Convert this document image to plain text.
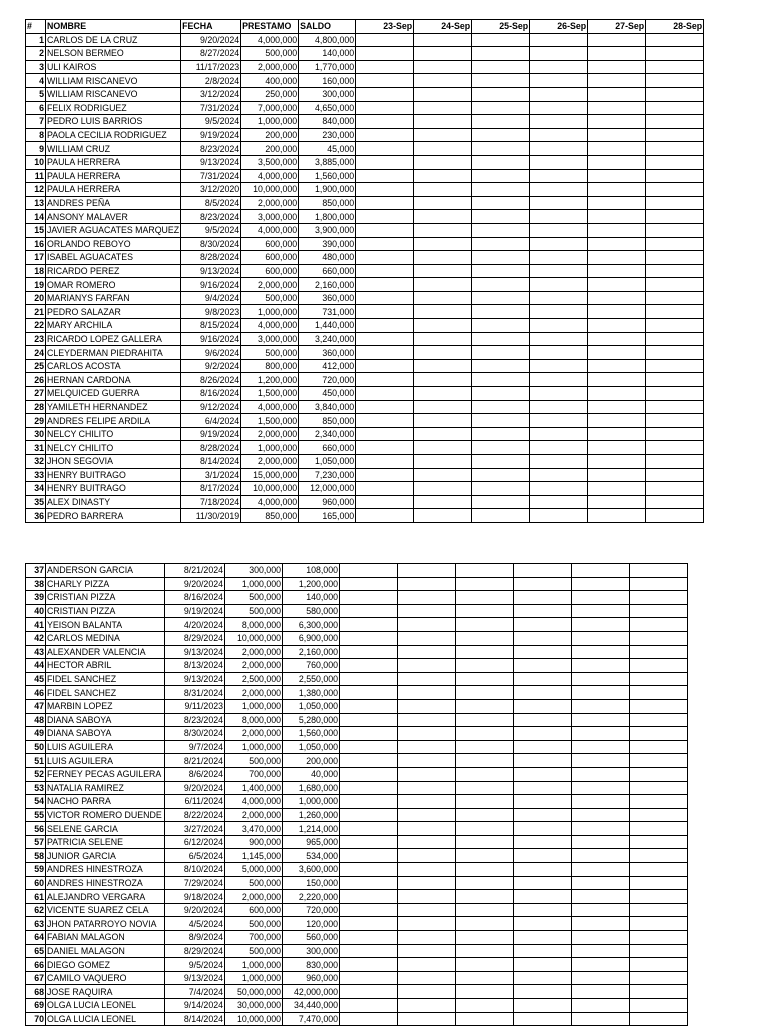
#	NOMBRE	FECHA	PRESTAMO	SALDO	23-Sep	24-Sep	25-Sep	26-Sep	27-Sep	28-Sep
1	CARLOS DE LA CRUZ	9/20/2024	4,000,000	4,800,000						
2	NELSON BERMEO	8/27/2024	500,000	140,000						
3	ULI KAIROS	11/17/2023	2,000,000	1,770,000						
4	WILLIAM RISCANEVO	2/8/2024	400,000	160,000						
5	WILLIAM RISCANEVO	3/12/2024	250,000	300,000						
6	FELIX RODRIGUEZ	7/31/2024	7,000,000	4,650,000						
7	PEDRO LUIS BARRIOS	9/5/2024	1,000,000	840,000						
8	PAOLA CECILIA RODRIGUEZ	9/19/2024	200,000	230,000						
9	WILLIAM CRUZ	8/23/2024	200,000	45,000						
10	PAULA HERRERA	9/13/2024	3,500,000	3,885,000						
11	PAULA HERRERA	7/31/2024	4,000,000	1,560,000						
12	PAULA HERRERA	3/12/2020	10,000,000	1,900,000						
13	ANDRES PEÑA	8/5/2024	2,000,000	850,000						
14	ANSONY MALAVER	8/23/2024	3,000,000	1,800,000						
15	JAVIER AGUACATES MARQUEZ	9/5/2024	4,000,000	3,900,000						
16	ORLANDO REBOYO	8/30/2024	600,000	390,000						
17	ISABEL AGUACATES	8/28/2024	600,000	480,000						
18	RICARDO PEREZ	9/13/2024	600,000	660,000						
19	OMAR ROMERO	9/16/2024	2,000,000	2,160,000						
20	MARIANYS FARFAN	9/4/2024	500,000	360,000						
21	PEDRO SALAZAR	9/8/2023	1,000,000	731,000						
22	MARY ARCHILA	8/15/2024	4,000,000	1,440,000						
23	RICARDO LOPEZ GALLERA	9/16/2024	3,000,000	3,240,000						
24	CLEYDERMAN PIEDRAHITA	9/6/2024	500,000	360,000						
25	CARLOS ACOSTA	9/2/2024	800,000	412,000						
26	HERNAN CARDONA	8/26/2024	1,200,000	720,000						
27	MELQUICED GUERRA	8/16/2024	1,500,000	450,000						
28	YAMILETH HERNANDEZ	9/12/2024	4,000,000	3,840,000						
29	ANDRES FELIPE ARDILA	6/4/2024	1,500,000	850,000						
30	NELCY CHILITO	9/19/2024	2,000,000	2,340,000						
31	NELCY CHILITO	8/28/2024	1,000,000	660,000						
32	JHON SEGOVIA	8/14/2024	2,000,000	1,050,000						
33	HENRY BUITRAGO	3/1/2024	15,000,000	7,230,000						
34	HENRY BUITRAGO	8/17/2024	10,000,000	12,000,000						
35	ALEX DINASTY	7/18/2024	4,000,000	960,000						
36	PEDRO BARRERA	11/30/2019	850,000	165,000						
37	ANDERSON GARCIA	8/21/2024	300,000	108,000						
38	CHARLY PIZZA	9/20/2024	1,000,000	1,200,000						
39	CRISTIAN PIZZA	8/16/2024	500,000	140,000						
40	CRISTIAN PIZZA	9/19/2024	500,000	580,000						
41	YEISON BALANTA	4/20/2024	8,000,000	6,300,000						
42	CARLOS MEDINA	8/29/2024	10,000,000	6,900,000						
43	ALEXANDER VALENCIA	9/13/2024	2,000,000	2,160,000						
44	HECTOR ABRIL	8/13/2024	2,000,000	760,000						
45	FIDEL SANCHEZ	9/13/2024	2,500,000	2,550,000						
46	FIDEL SANCHEZ	8/31/2024	2,000,000	1,380,000						
47	MARBIN LOPEZ	9/11/2023	1,000,000	1,050,000						
48	DIANA SABOYA	8/23/2024	8,000,000	5,280,000						
49	DIANA SABOYA	8/30/2024	2,000,000	1,560,000						
50	LUIS AGUILERA	9/7/2024	1,000,000	1,050,000						
51	LUIS AGUILERA	8/21/2024	500,000	200,000						
52	FERNEY PECAS AGUILERA	8/6/2024	700,000	40,000						
53	NATALIA RAMIREZ	9/20/2024	1,400,000	1,680,000						
54	NACHO PARRA	6/11/2024	4,000,000	1,000,000						
55	VICTOR ROMERO DUENDE	8/22/2024	2,000,000	1,260,000						
56	SELENE GARCIA	3/27/2024	3,470,000	1,214,000						
57	PATRICIA SELENE	6/12/2024	900,000	965,000						
58	JUNIOR GARCIA	6/5/2024	1,145,000	534,000						
59	ANDRES HINESTROZA	8/10/2024	5,000,000	3,600,000						
60	ANDRES HINESTROZA	7/29/2024	500,000	150,000						
61	ALEJANDRO VERGARA	9/18/2024	2,000,000	2,220,000						
62	VICENTE SUAREZ CELA	9/20/2024	600,000	720,000						
63	JHON PATARROYO NOVIA	4/5/2024	500,000	120,000						
64	FABIAN MALAGON	8/9/2024	700,000	560,000						
65	DANIEL MALAGON	8/29/2024	500,000	300,000						
66	DIEGO GOMEZ	9/5/2024	1,000,000	830,000						
67	CAMILO VAQUERO	9/13/2024	1,000,000	960,000						
68	JOSE RAQUIRA	7/4/2024	50,000,000	42,000,000						
69	OLGA LUCIA LEONEL	9/14/2024	30,000,000	34,440,000						
70	OLGA LUCIA LEONEL	8/14/2024	10,000,000	7,470,000						
